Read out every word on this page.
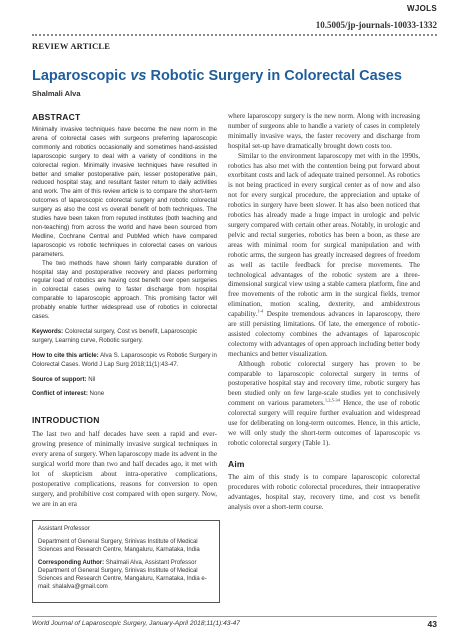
WJOLS
10.5005/jp-journals-10033-1332
REVIEW ARTICLE
Laparoscopic vs Robotic Surgery in Colorectal Cases
Shalmali Alva
ABSTRACT

Minimally invasive techniques have become the new norm in the arena of colorectal cases with surgeons preferring laparoscopic commonly and robotics occasionally and sometimes hand-assisted laparoscopic surgery to deal with a variety of conditions in the colorectal region. Minimally invasive techniques have resulted in better and smaller postoperative pain, lesser postoperative pain, reduced hospital stay, and resultant faster return to daily activities and work. The aim of this review article is to compare the short-term outcomes of laparoscopic colorectal surgery and robotic colorectal surgery as also the cost vs overall benefit of both techniques. The studies have been taken from reputed institutes (both teaching and non-teaching) from across the world and have been sourced from Medline, Cochrane Central and PubMed which have compared laparoscopic vs robotic techniques in colorectal cases on various parameters.

The two methods have shown fairly comparable duration of hospital stay and postoperative recovery and places performing regular load of robotics are having cost benefit over open surgeries in colorectal cases owing to faster discharge from hospital comparable to laparoscopic approach. This promising factor will probably enable further widespread use of robotics in colorectal cases.

Keywords: Colorectal surgery, Cost vs benefit, Laparoscopic surgery, Learning curve, Robotic surgery.

How to cite this article: Alva S. Laparoscopic vs Robotic Surgery in Colorectal Cases. World J Lap Surg 2018;11(1):43-47.

Source of support: Nil

Conflict of interest: None

INTRODUCTION

The last two and half decades have seen a rapid and ever-growing presence of minimally invasive surgical techniques in every arena of surgery. When laparoscopy made its advent in the surgical world more than two and half decades ago, it met with lot of skepticism about intra-operative complications, postoperative complications, reasons for conversion to open surgery, and prohibitive cost compared with open surgery. Now, we are in an era

Assistant Professor
Department of General Surgery, Srinivas Institute of Medical Sciences and Research Centre, Mangaluru, Karnataka, India
Corresponding Author: Shalmali Alva, Assistant Professor Department of General Surgery, Srinivas Institute of Medical Sciences and Research Centre, Mangaluru, Karnataka, India e-mail: shalalva@gmail.com

where laparoscopy surgery is the new norm. Along with increasing number of surgeons able to handle a variety of cases in completely minimally invasive ways, the faster recovery and discharge from hospital set-up have dramatically brought down costs too.

Similar to the environment laparoscopy met with in the 1990s, robotics has also met with the contention being put forward about exorbitant costs and lack of adequate trained personnel. As robotics is not being practiced in every surgical center as of now and also not for every surgical procedure, the appreciation and uptake of robotics in surgery have been slower. It has also been noticed that robotics has already made a huge impact in urologic and pelvic surgery compared with certain other areas. Notably, in urologic and pelvic and rectal surgeries, robotics has been a boon, as these are areas with minimal room for surgical manipulation and with robotic arms, the surgeon has greatly increased degrees of freedom as well as tactile feedback for precise movements. The technological advantages of the robotic system are a three-dimensional surgical view using a stable camera platform, fine and free movements of the robotic arm in the surgical fields, tremor elimination, motion scaling, dexterity, and ambidextrous capability.$^{1-4}$ Despite tremendous advances in laparoscopy, there are still persisting limitations. Of late, the emergence of robotic-assisted colectomy combines the advantages of laparoscopic colectomy with advantages of open approach including better body mechanics and better visualization.

Although robotic colorectal surgery has proven to be comparable to laparoscopic colorectal surgery in terms of postoperative hospital stay and recovery time, robotic surgery has been studied only on few large-scale studies yet to conclusively comment on various parameters.$^{1,2,5-34}$ Hence, the use of robotic colorectal surgery will require further evaluation and widespread use for deliberating on long-term outcomes. Hence, in this article, we will only study the short-term outcomes of laparoscopic vs robotic colorectal surgery (Table 1).

Aim

The aim of this study is to compare laparoscopic colorectal procedures with robotic colorectal procedures, their intraoperative advantages, hospital stay, recovery time, and cost vs benefit analysis over a short-term course.

World Journal of Laparoscopic Surgery, January-April 2018;11(1):43-47	43
